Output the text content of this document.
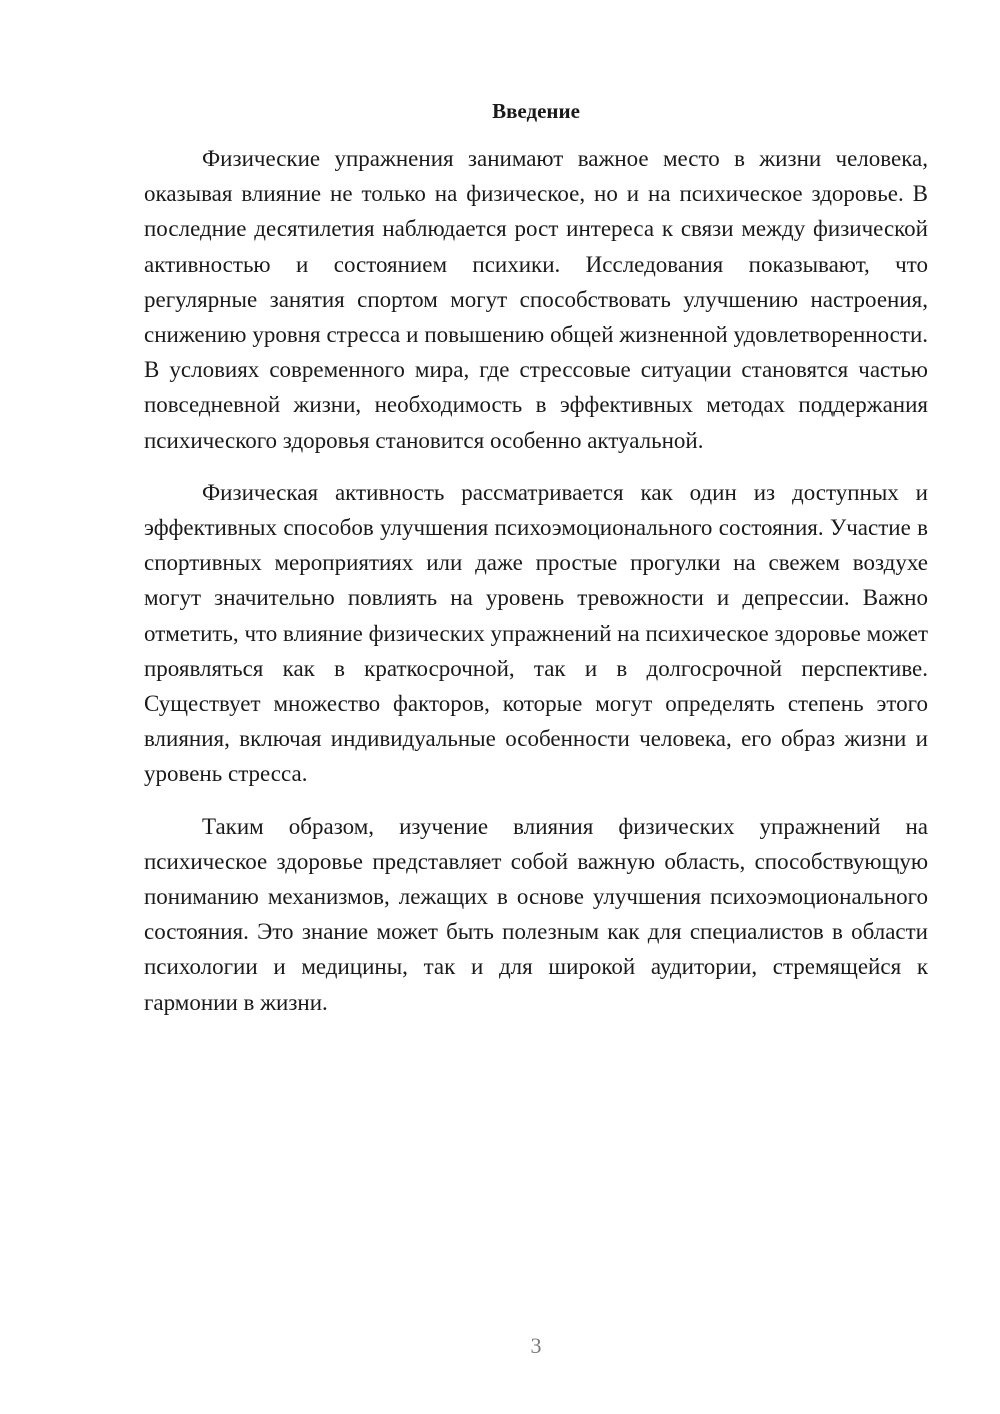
Введение

Физические упражнения занимают важное место в жизни человека, оказывая влияние не только на физическое, но и на психическое здоровье. В последние десятилетия наблюдается рост интереса к связи между физической активностью и состоянием психики. Исследования показывают, что регулярные занятия спортом могут способствовать улучшению настроения, снижению уровня стресса и повышению общей жизненной удовлетворенности. В условиях современного мира, где стрессовые ситуации становятся частью повседневной жизни, необходимость в эффективных методах поддержания психического здоровья становится особенно актуальной.

Физическая активность рассматривается как один из доступных и эффективных способов улучшения психоэмоционального состояния. Участие в спортивных мероприятиях или даже простые прогулки на свежем воздухе могут значительно повлиять на уровень тревожности и депрессии. Важно отметить, что влияние физических упражнений на психическое здоровье может проявляться как в краткосрочной, так и в долгосрочной перспективе. Существует множество факторов, которые могут определять степень этого влияния, включая индивидуальные особенности человека, его образ жизни и уровень стресса.

Таким образом, изучение влияния физических упражнений на психическое здоровье представляет собой важную область, способствующую пониманию механизмов, лежащих в основе улучшения психоэмоционального состояния. Это знание может быть полезным как для специалистов в области психологии и медицины, так и для широкой аудитории, стремящейся к гармонии в жизни.

3
